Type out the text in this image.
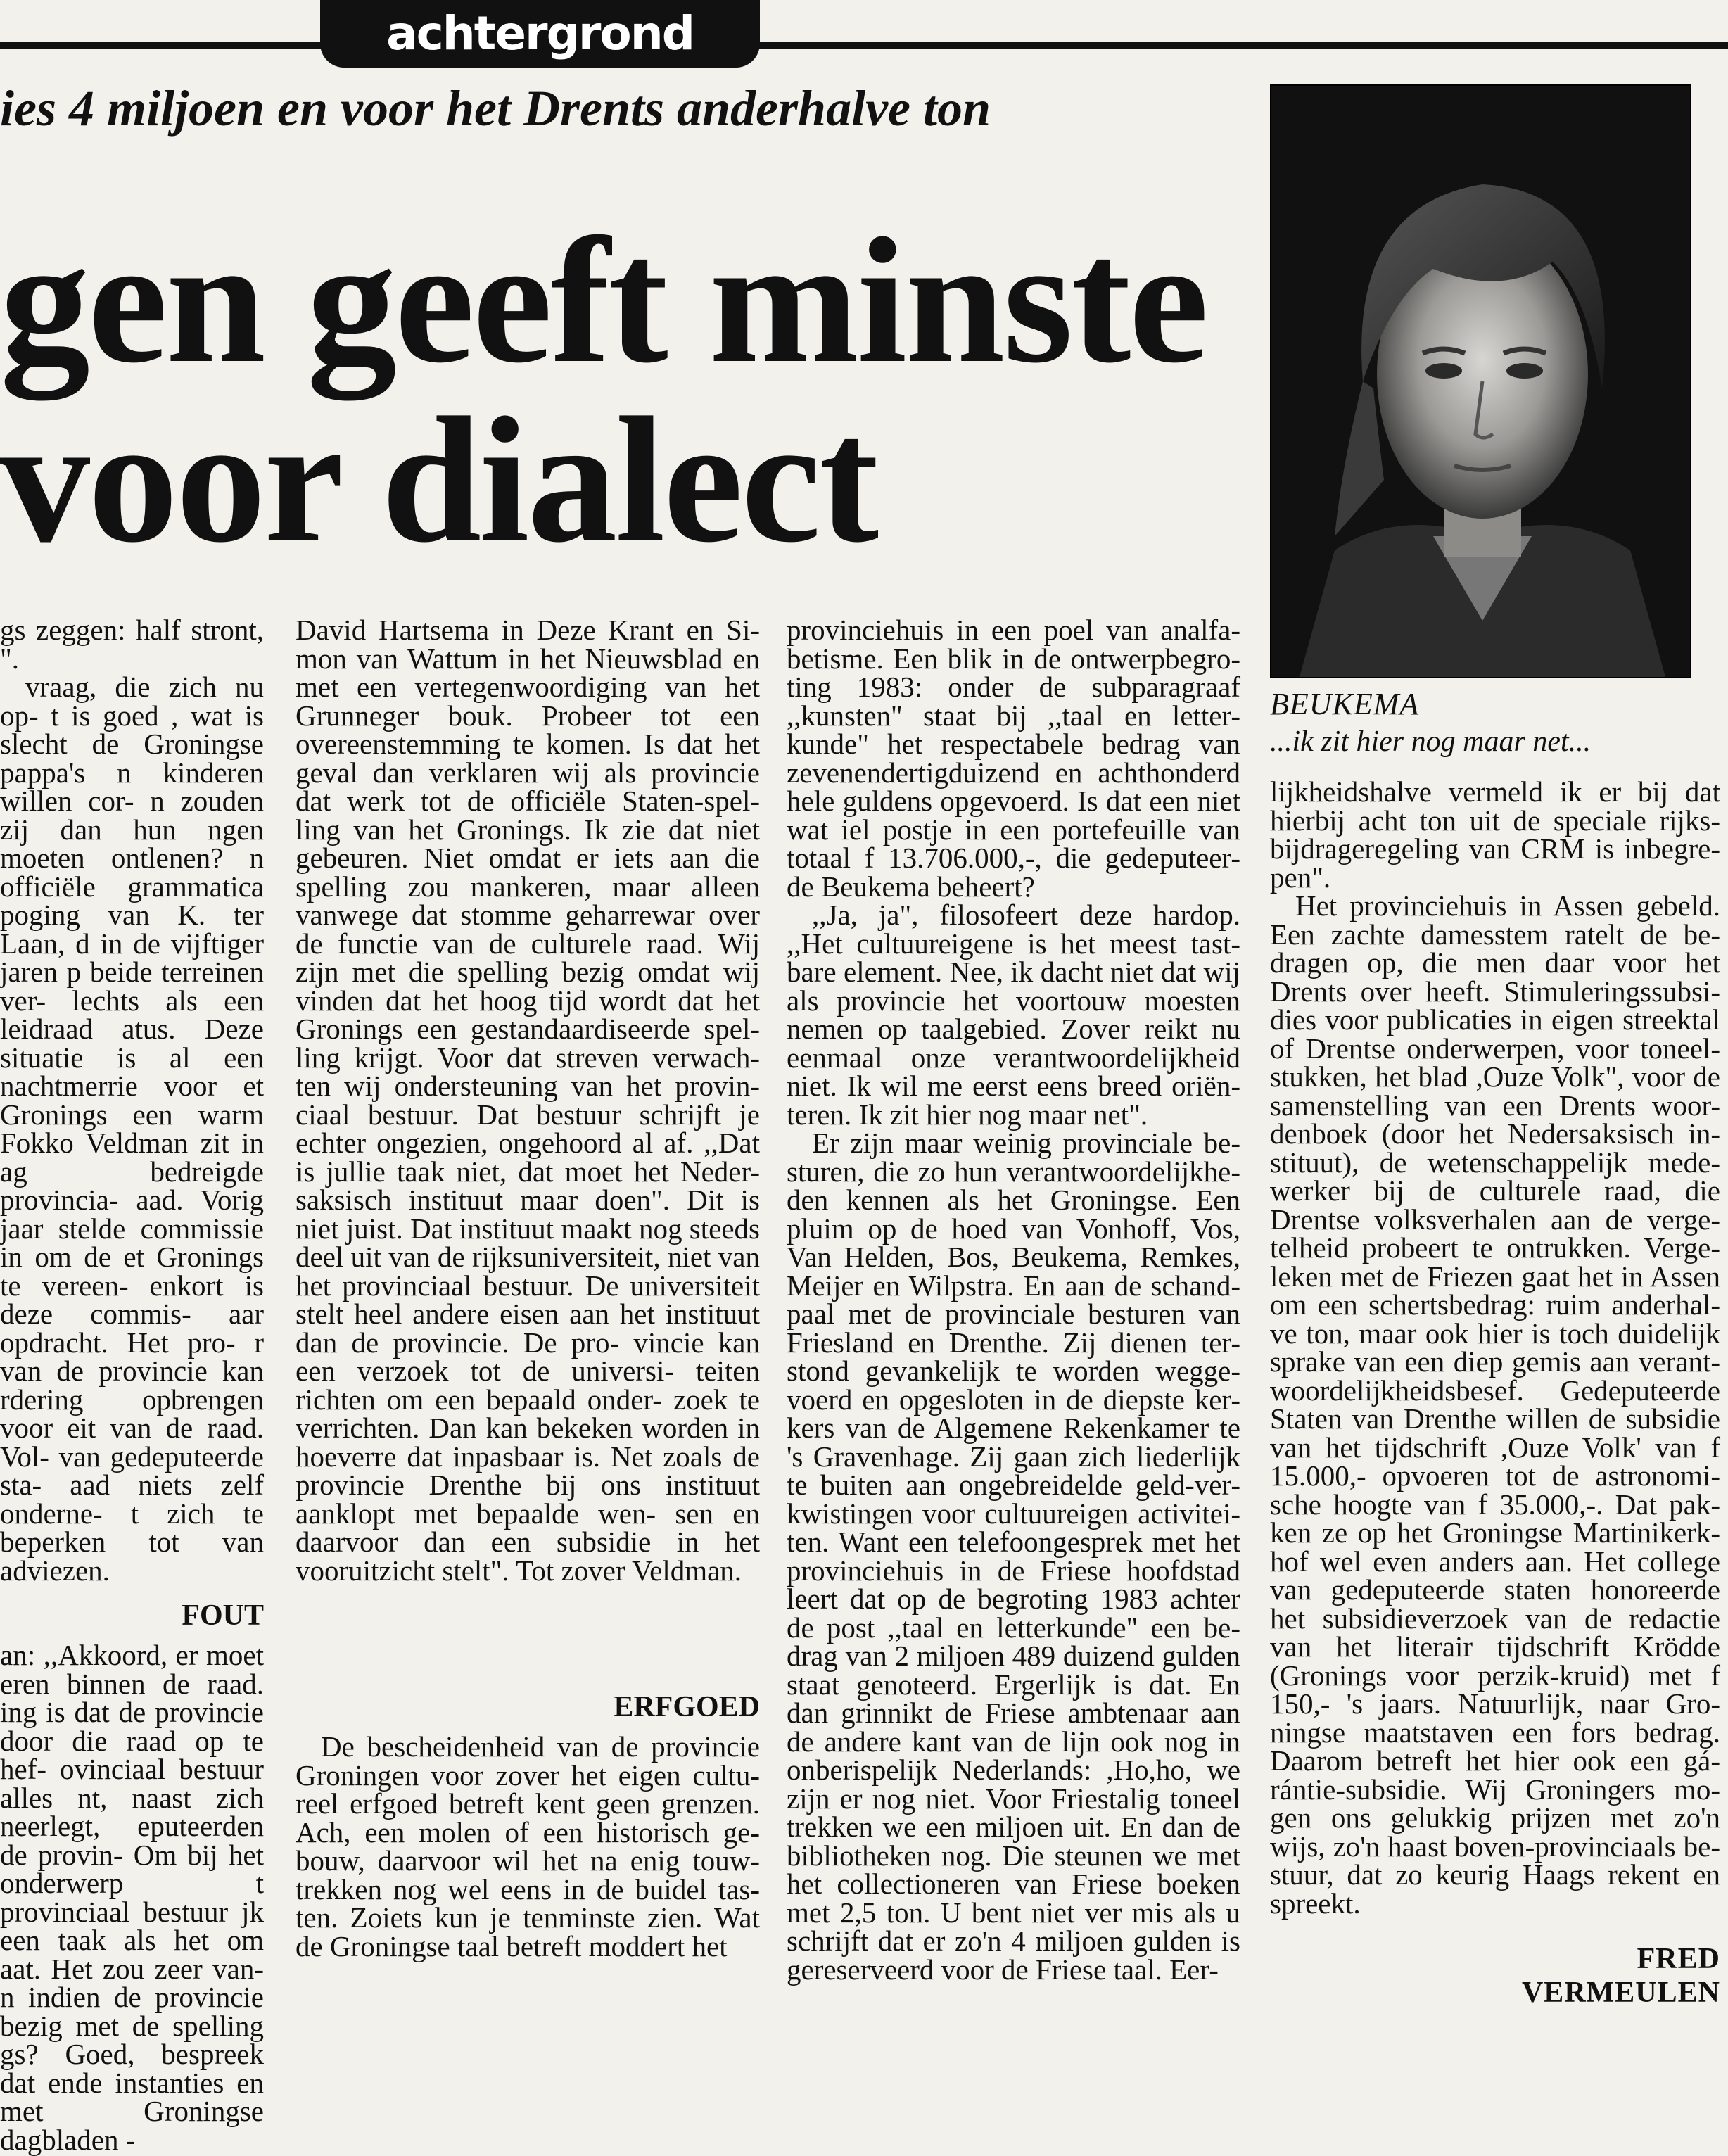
achtergrond
ies 4 miljoen en voor het Drents anderhalve ton
gen geeft minste
voor dialect
BEUKEMA
...ik zit hier nog maar net...

gs zeggen: half stront, ".

vraag, die zich nu op- t is goed , wat is slecht de Groningse pappa's n kinderen willen cor- n zouden zij dan hun ngen moeten ontlenen? n officiële grammatica poging van K. ter Laan, d in de vijftiger jaren p beide terreinen ver- lechts als een leidraad atus. Deze situatie is al een nachtmerrie voor et Gronings een warm Fokko Veldman zit in ag bedreigde provincia- aad. Vorig jaar stelde commissie in om de et Gronings te vereen- enkort is deze commis- aar opdracht. Het pro- r van de provincie kan rdering opbrengen voor eit van de raad. Vol- van gedeputeerde sta- aad niets zelf onderne- t zich te beperken tot van adviezen.

FOUT

an: ,,Akkoord, er moet eren binnen de raad. ing is dat de provincie door die raad op te hef- ovinciaal bestuur alles nt, naast zich neerlegt, eputeerden de provin- Om bij het onderwerp t provinciaal bestuur jk een taak als het om aat. Het zou zeer van- n indien de provincie bezig met de spelling gs? Goed, bespreek dat ende instanties en met Groningse dagbladen -

David Hartsema in Deze Krant en Si- mon van Wattum in het Nieuwsblad en met een vertegenwoordiging van het Grunneger bouk. Probeer tot een overeenstemming te komen. Is dat het geval dan verklaren wij als provincie dat werk tot de officiële Staten-spel- ling van het Gronings. Ik zie dat niet gebeuren. Niet omdat er iets aan die spelling zou mankeren, maar alleen vanwege dat stomme geharrewar over de functie van de culturele raad. Wij zijn met die spelling bezig omdat wij vinden dat het hoog tijd wordt dat het Gronings een gestandaardiseerde spel- ling krijgt. Voor dat streven verwach- ten wij ondersteuning van het provin- ciaal bestuur. Dat bestuur schrijft je echter ongezien, ongehoord al af. ,,Dat is jullie taak niet, dat moet het Neder- saksisch instituut maar doen". Dit is niet juist. Dat instituut maakt nog steeds deel uit van de rijksuniversiteit, niet van het provinciaal bestuur. De universiteit stelt heel andere eisen aan het instituut dan de provincie. De pro- vincie kan een verzoek tot de universi- teiten richten om een bepaald onder- zoek te verrichten. Dan kan bekeken worden in hoeverre dat inpasbaar is. Net zoals de provincie Drenthe bij ons instituut aanklopt met bepaalde wen- sen en daarvoor dan een subsidie in het vooruitzicht stelt". Tot zover Veldman.

ERFGOED

De bescheidenheid van de provincie Groningen voor zover het eigen cultu- reel erfgoed betreft kent geen grenzen. Ach, een molen of een historisch ge- bouw, daarvoor wil het na enig touw- trekken nog wel eens in de buidel tas- ten. Zoiets kun je tenminste zien. Wat de Groningse taal betreft moddert het

provinciehuis in een poel van analfa- betisme. Een blik in de ontwerpbegro- ting 1983: onder de subparagraaf ,,kunsten" staat bij ,,taal en letter- kunde" het respectabele bedrag van zevenendertigduizend en achthonderd hele guldens opgevoerd. Is dat een niet wat iel postje in een portefeuille van totaal f 13.706.000,-, die gedeputeer- de Beukema beheert?

,,Ja, ja", filosofeert deze hardop. ,,Het cultuureigene is het meest tast- bare element. Nee, ik dacht niet dat wij als provincie het voortouw moesten nemen op taalgebied. Zover reikt nu eenmaal onze verantwoordelijkheid niet. Ik wil me eerst eens breed oriën- teren. Ik zit hier nog maar net".

Er zijn maar weinig provinciale be- sturen, die zo hun verantwoordelijkhe- den kennen als het Groningse. Een pluim op de hoed van Vonhoff, Vos, Van Helden, Bos, Beukema, Remkes, Meijer en Wilpstra. En aan de schand- paal met de provinciale besturen van Friesland en Drenthe. Zij dienen ter- stond gevankelijk te worden wegge- voerd en opgesloten in de diepste ker- kers van de Algemene Rekenkamer te 's Gravenhage. Zij gaan zich liederlijk te buiten aan ongebreidelde geld-ver- kwistingen voor cultuureigen activitei- ten. Want een telefoongesprek met het provinciehuis in de Friese hoofdstad leert dat op de begroting 1983 achter de post ,,taal en letterkunde" een be- drag van 2 miljoen 489 duizend gulden staat genoteerd. Ergerlijk is dat. En dan grinnikt de Friese ambtenaar aan de andere kant van de lijn ook nog in onberispelijk Nederlands: ,Ho,ho, we zijn er nog niet. Voor Friestalig toneel trekken we een miljoen uit. En dan de bibliotheken nog. Die steunen we met het collectioneren van Friese boeken met 2,5 ton. U bent niet ver mis als u schrijft dat er zo'n 4 miljoen gulden is gereserveerd voor de Friese taal. Eer-

lijkheidshalve vermeld ik er bij dat hierbij acht ton uit de speciale rijks- bijdrageregeling van CRM is inbegre- pen".

Het provinciehuis in Assen gebeld. Een zachte damesstem ratelt de be- dragen op, die men daar voor het Drents over heeft. Stimuleringssubsi- dies voor publicaties in eigen streektal of Drentse onderwerpen, voor toneel- stukken, het blad ,Ouze Volk", voor de samenstelling van een Drents woor- denboek (door het Nedersaksisch in- stituut), de wetenschappelijk mede- werker bij de culturele raad, die Drentse volksverhalen aan de verge- telheid probeert te ontrukken. Verge- leken met de Friezen gaat het in Assen om een schertsbedrag: ruim anderhal- ve ton, maar ook hier is toch duidelijk sprake van een diep gemis aan verant- woordelijkheidsbesef. Gedeputeerde Staten van Drenthe willen de subsidie van het tijdschrift ,Ouze Volk' van f 15.000,- opvoeren tot de astronomi- sche hoogte van f 35.000,-. Dat pak- ken ze op het Groningse Martinikerk- hof wel even anders aan. Het college van gedeputeerde staten honoreerde het subsidieverzoek van de redactie van het literair tijdschrift Krödde (Gronings voor perzik-kruid) met f 150,- 's jaars. Natuurlijk, naar Gro- ningse maatstaven een fors bedrag. Daarom betreft het hier ook een gá- rántie-subsidie. Wij Groningers mo- gen ons gelukkig prijzen met zo'n wijs, zo'n haast boven-provinciaals be- stuur, dat zo keurig Haags rekent en spreekt.

FRED VERMEULEN
